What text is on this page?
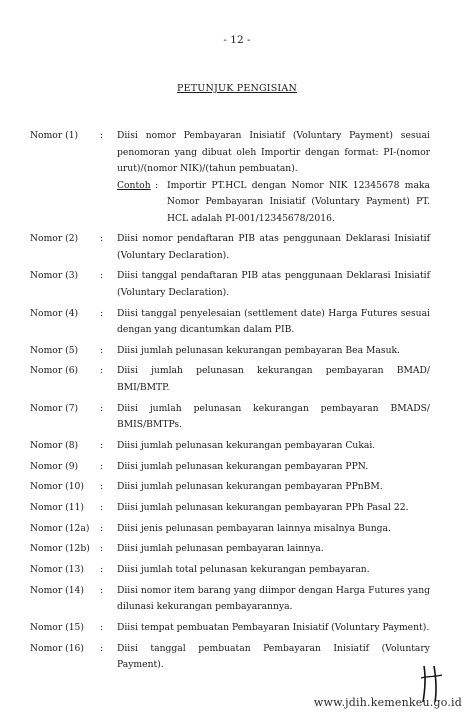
- 12 -
PETUNJUK PENGISIAN
Nomor (1)	:	Diisi nomor Pembayaran Inisiatif (Voluntary Payment) sesuai penomoran yang dibuat oleh Importir dengan format: PI-(nomor urut)/(nomor NIK)/(tahun pembuatan).
Contoh : Importir PT.HCL dengan Nomor NIK 12345678 maka Nomor Pembayaran Inisiatif (Voluntary Payment) PT. HCL adalah PI-001/12345678/2016.
Nomor (2)	:	Diisi nomor pendaftaran PIB atas penggunaan Deklarasi Inisiatif (Voluntary Declaration).
Nomor (3)	:	Diisi tanggal pendaftaran PIB atas penggunaan Deklarasi Inisiatif (Voluntary Declaration).
Nomor (4)	:	Diisi tanggal penyelesaian (settlement date) Harga Futures sesuai dengan yang dicantumkan dalam PIB.
Nomor (5)	:	Diisi jumlah pelunasan kekurangan pembayaran Bea Masuk.
Nomor (6)	:	Diisi jumlah pelunasan kekurangan pembayaran BMAD/ BMI/BMTP.
Nomor (7)	:	Diisi jumlah pelunasan kekurangan pembayaran BMADS/ BMIS/BMTPs.
Nomor (8)	:	Diisi jumlah pelunasan kekurangan pembayaran Cukai.
Nomor (9)	:	Diisi jumlah pelunasan kekurangan pembayaran PPN.
Nomor (10)	:	Diisi jumlah pelunasan kekurangan pembayaran PPnBM.
Nomor (11)	:	Diisi jumlah pelunasan kekurangan pembayaran PPh Pasal 22.
Nomor (12a)	:	Diisi jenis pelunasan pembayaran lainnya misalnya Bunga.
Nomor (12b)	:	Diisi jumlah pelunasan pembayaran lainnya.
Nomor (13)	:	Diisi jumlah total pelunasan kekurangan pembayaran.
Nomor (14)	:	Diisi nomor item barang yang diimpor dengan Harga Futures yang dilunasi kekurangan pembayarannya.
Nomor (15)	:	Diisi tempat pembuatan Pembayaran Inisiatif (Voluntary Payment).
Nomor (16)	:	Diisi tanggal pembuatan Pembayaran Inisiatif (Voluntary Payment).
www.jdih.kemenkeu.go.id
